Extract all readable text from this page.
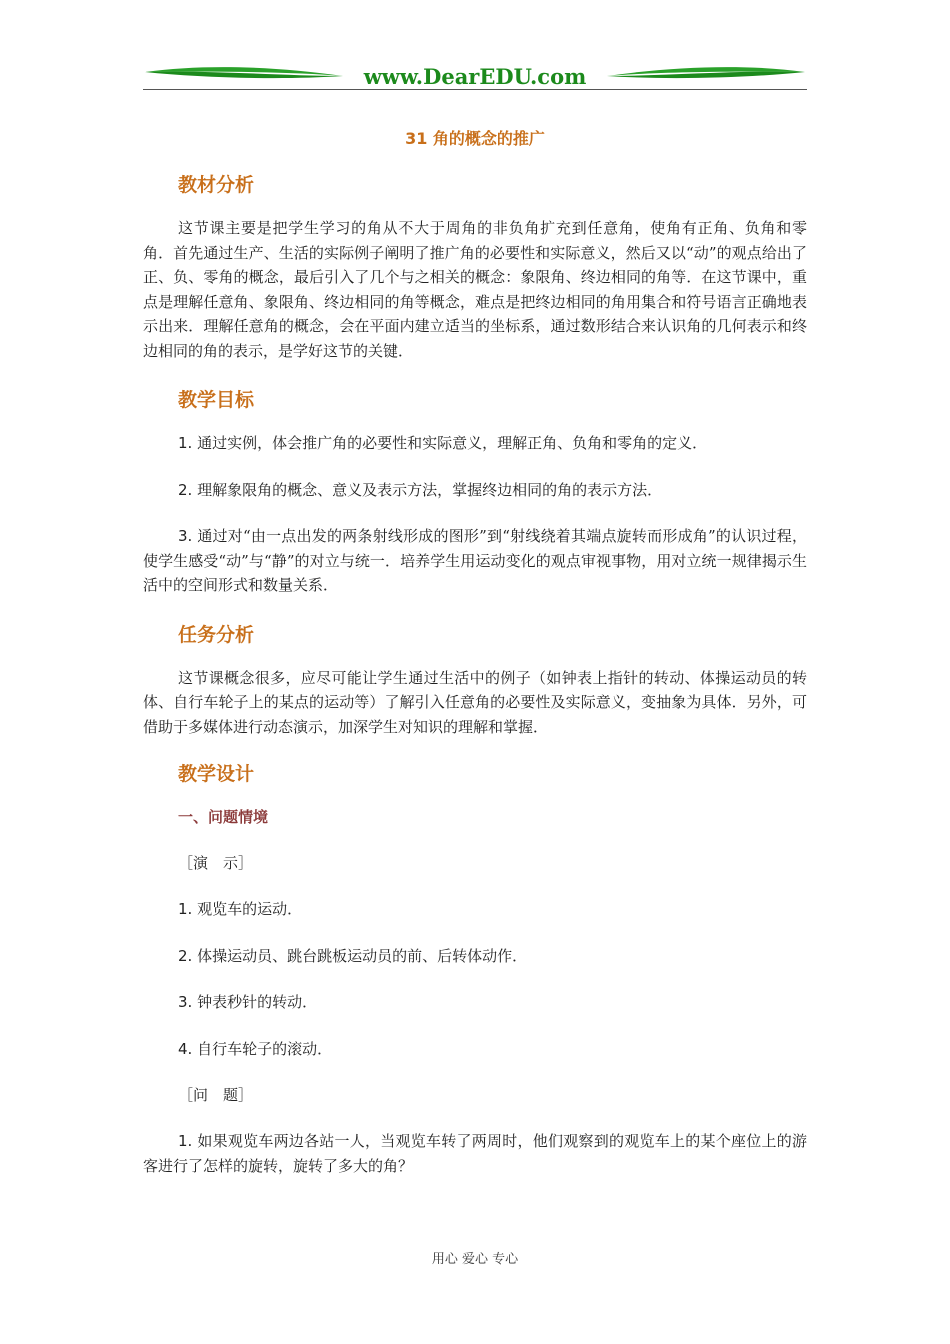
www.DearEDU.com
31 角的概念的推广
教材分析

这节课主要是把学生学习的角从不大于周角的非负角扩充到任意角，使角有正角、负角和零角．首先通过生产、生活的实际例子阐明了推广角的必要性和实际意义，然后又以“动”的观点给出了正、负、零角的概念，最后引入了几个与之相关的概念：象限角、终边相同的角等．在这节课中，重点是理解任意角、象限角、终边相同的角等概念，难点是把终边相同的角用集合和符号语言正确地表示出来．理解任意角的概念，会在平面内建立适当的坐标系，通过数形结合来认识角的几何表示和终边相同的角的表示，是学好这节的关键．

教学目标

1. 通过实例，体会推广角的必要性和实际意义，理解正角、负角和零角的定义．

2. 理解象限角的概念、意义及表示方法，掌握终边相同的角的表示方法．

3. 通过对“由一点出发的两条射线形成的图形”到“射线绕着其端点旋转而形成角”的认识过程，使学生感受“动”与“静”的对立与统一．培养学生用运动变化的观点审视事物，用对立统一规律揭示生活中的空间形式和数量关系．

任务分析

这节课概念很多，应尽可能让学生通过生活中的例子（如钟表上指针的转动、体操运动员的转体、自行车轮子上的某点的运动等）了解引入任意角的必要性及实际意义，变抽象为具体．另外，可借助于多媒体进行动态演示，加深学生对知识的理解和掌握．

教学设计
一、问题情境
［演　示］

1. 观览车的运动．

2. 体操运动员、跳台跳板运动员的前、后转体动作．

3. 钟表秒针的转动．

4. 自行车轮子的滚动．

［问　题］

1. 如果观览车两边各站一人，当观览车转了两周时，他们观察到的观览车上的某个座位上的游客进行了怎样的旋转，旋转了多大的角？

用心 爱心 专心
